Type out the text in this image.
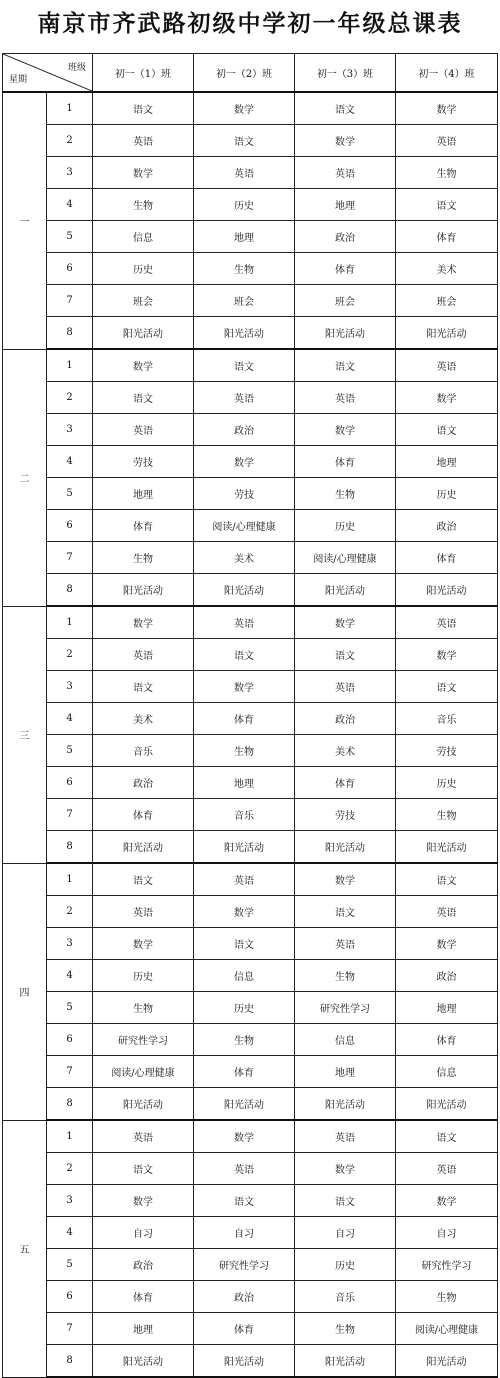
南京市齐武路初级中学初一年级总课表
班级
星期		初一（1）班	初一（2）班	初一（3）班	初一（4）班
一	1	语文	数学	语文	数学
	2	英语	语文	数学	英语
	3	数学	英语	英语	生物
	4	生物	历史	地理	语文
	5	信息	地理	政治	体育
	6	历史	生物	体育	美术
	7	班会	班会	班会	班会
	8	阳光活动	阳光活动	阳光活动	阳光活动
二	1	数学	语文	语文	英语
	2	语文	英语	英语	数学
	3	英语	政治	数学	语文
	4	劳技	数学	体育	地理
	5	地理	劳技	生物	历史
	6	体育	阅读/心理健康	历史	政治
	7	生物	美术	阅读/心理健康	体育
	8	阳光活动	阳光活动	阳光活动	阳光活动
三	1	数学	英语	数学	英语
	2	英语	语文	语文	数学
	3	语文	数学	英语	语文
	4	美术	体育	政治	音乐
	5	音乐	生物	美术	劳技
	6	政治	地理	体育	历史
	7	体育	音乐	劳技	生物
	8	阳光活动	阳光活动	阳光活动	阳光活动
四	1	语文	英语	数学	语文
	2	英语	数学	语文	英语
	3	数学	语文	英语	数学
	4	历史	信息	生物	政治
	5	生物	历史	研究性学习	地理
	6	研究性学习	生物	信息	体育
	7	阅读/心理健康	体育	地理	信息
	8	阳光活动	阳光活动	阳光活动	阳光活动
五	1	英语	数学	英语	语文
	2	语文	英语	数学	英语
	3	数学	语文	语文	数学
	4	自习	自习	自习	自习
	5	政治	研究性学习	历史	研究性学习
	6	体育	政治	音乐	生物
	7	地理	体育	生物	阅读/心理健康
	8	阳光活动	阳光活动	阳光活动	阳光活动
